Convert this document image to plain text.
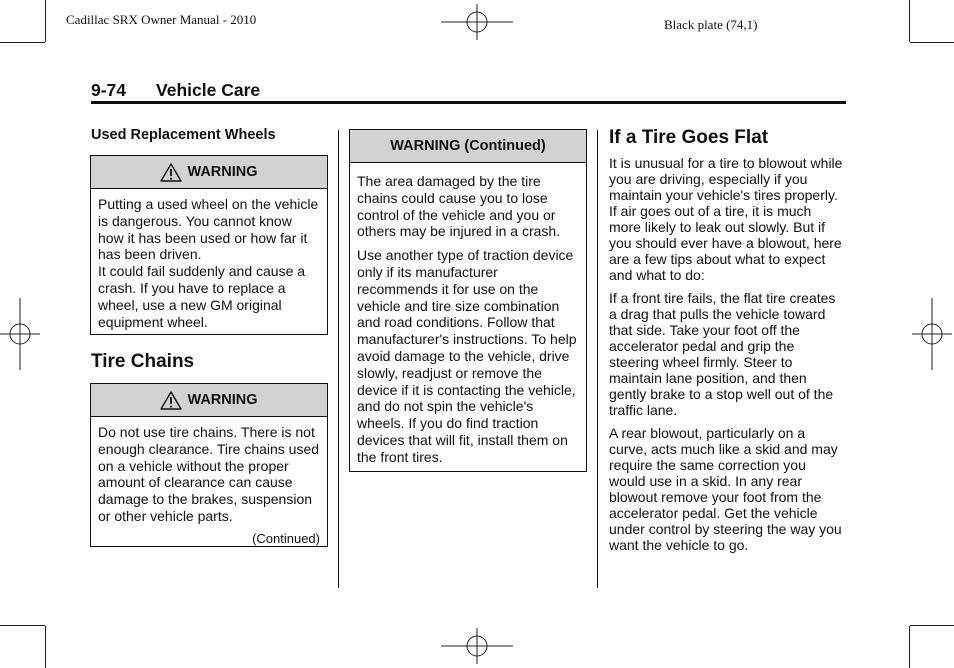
Cadillac SRX Owner Manual - 2010	Black plate (74,1)
9-74 Vehicle Care
Used Replacement Wheels
WARNING

Putting a used wheel on the vehicle is dangerous. You cannot know how it has been used or how far it has been driven.

It could fail suddenly and cause a crash. If you have to replace a wheel, use a new GM original equipment wheel.

Tire Chains
WARNING

Do not use tire chains. There is not enough clearance. Tire chains used on a vehicle without the proper amount of clearance can cause damage to the brakes, suspension or other vehicle parts.

(Continued)
WARNING (Continued)

The area damaged by the tire chains could cause you to lose control of the vehicle and you or others may be injured in a crash.

Use another type of traction device only if its manufacturer recommends it for use on the vehicle and tire size combination and road conditions. Follow that manufacturer's instructions. To help avoid damage to the vehicle, drive slowly, readjust or remove the device if it is contacting the vehicle, and do not spin the vehicle's wheels. If you do find traction devices that will fit, install them on the front tires.

If a Tire Goes Flat

It is unusual for a tire to blowout while you are driving, especially if you maintain your vehicle's tires properly. If air goes out of a tire, it is much more likely to leak out slowly. But if you should ever have a blowout, here are a few tips about what to expect and what to do:

If a front tire fails, the flat tire creates a drag that pulls the vehicle toward that side. Take your foot off the accelerator pedal and grip the steering wheel firmly. Steer to maintain lane position, and then gently brake to a stop well out of the traffic lane.

A rear blowout, particularly on a curve, acts much like a skid and may require the same correction you would use in a skid. In any rear blowout remove your foot from the accelerator pedal. Get the vehicle under control by steering the way you want the vehicle to go.
